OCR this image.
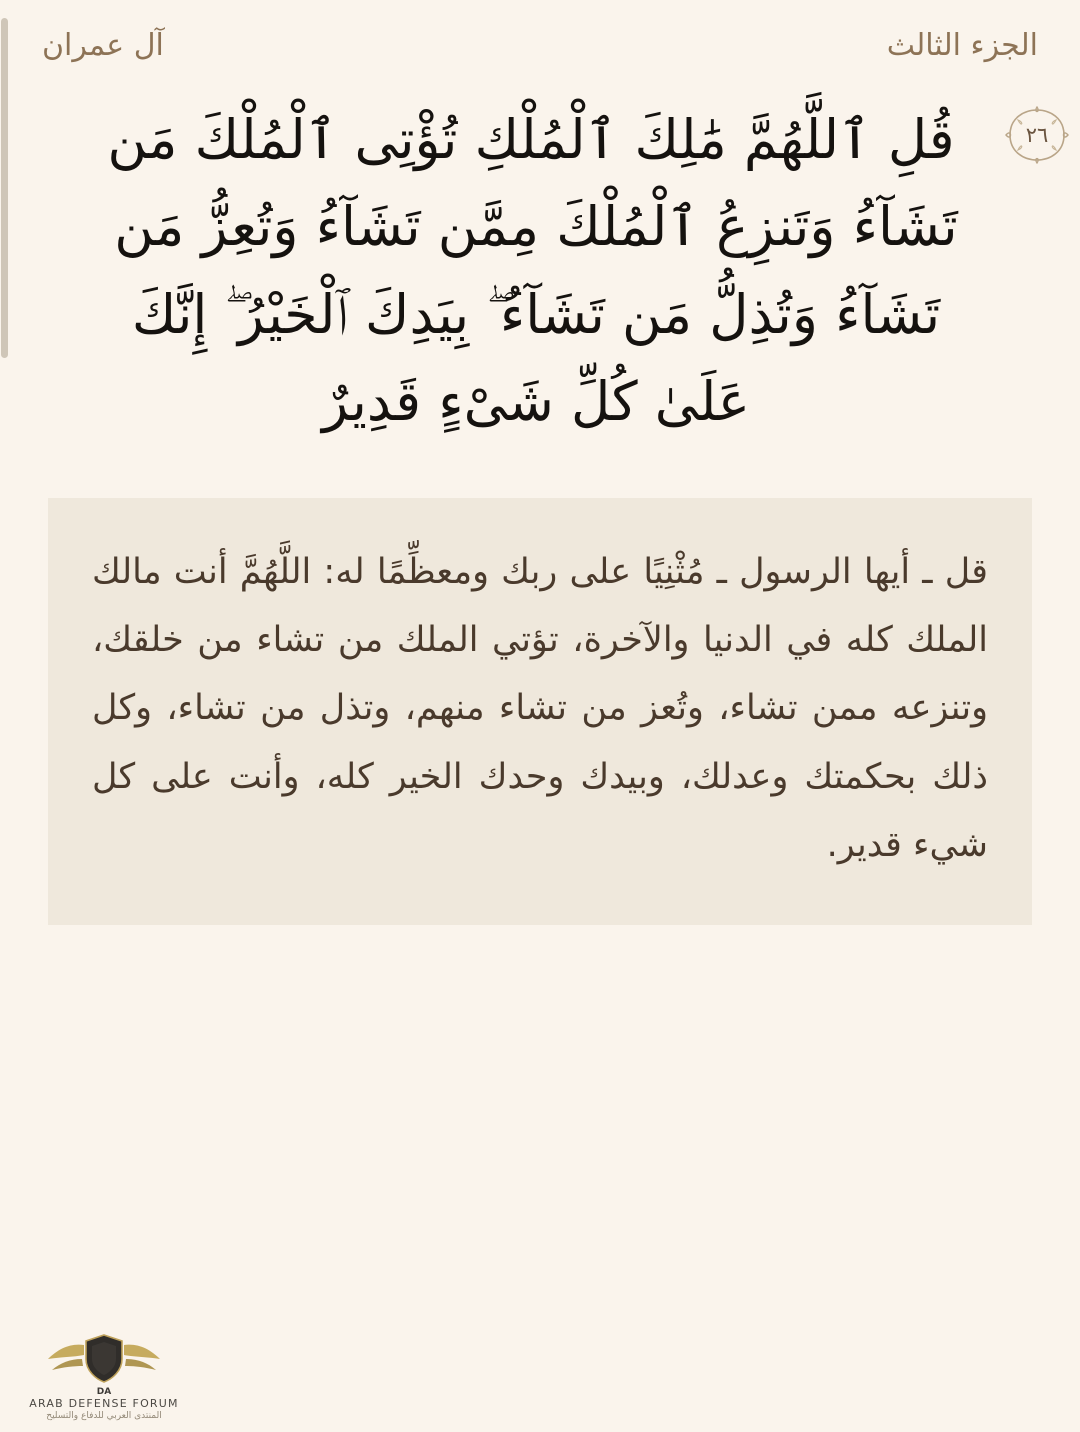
آل عمران	الجزء الثالث
٢٦
قُلِ ٱللَّهُمَّ مَٰلِكَ ٱلْمُلْكِ تُؤْتِى ٱلْمُلْكَ مَن
تَشَآءُ وَتَنزِعُ ٱلْمُلْكَ مِمَّن تَشَآءُ وَتُعِزُّ مَن
تَشَآءُ وَتُذِلُّ مَن تَشَآءُ ۖ بِيَدِكَ ٱلْخَيْرُ ۖ إِنَّكَ
عَلَىٰ كُلِّ شَىْءٍ قَدِيرٌ

قل ـ أيها الرسول ـ مُثْنِيًا على ربك ومعظِّمًا له: اللَّهُمَّ أنت مالك الملك كله في الدنيا والآخرة، تؤتي الملك من تشاء من خلقك، وتنزعه ممن تشاء، وتُعز من تشاء منهم، وتذل من تشاء، وكل ذلك بحكمتك وعدلك، وبيدك وحدك الخير كله، وأنت على كل شيء قدير.

DA
ARAB DEFENSE FORUM
المنتدى العربي للدفاع والتسليح
